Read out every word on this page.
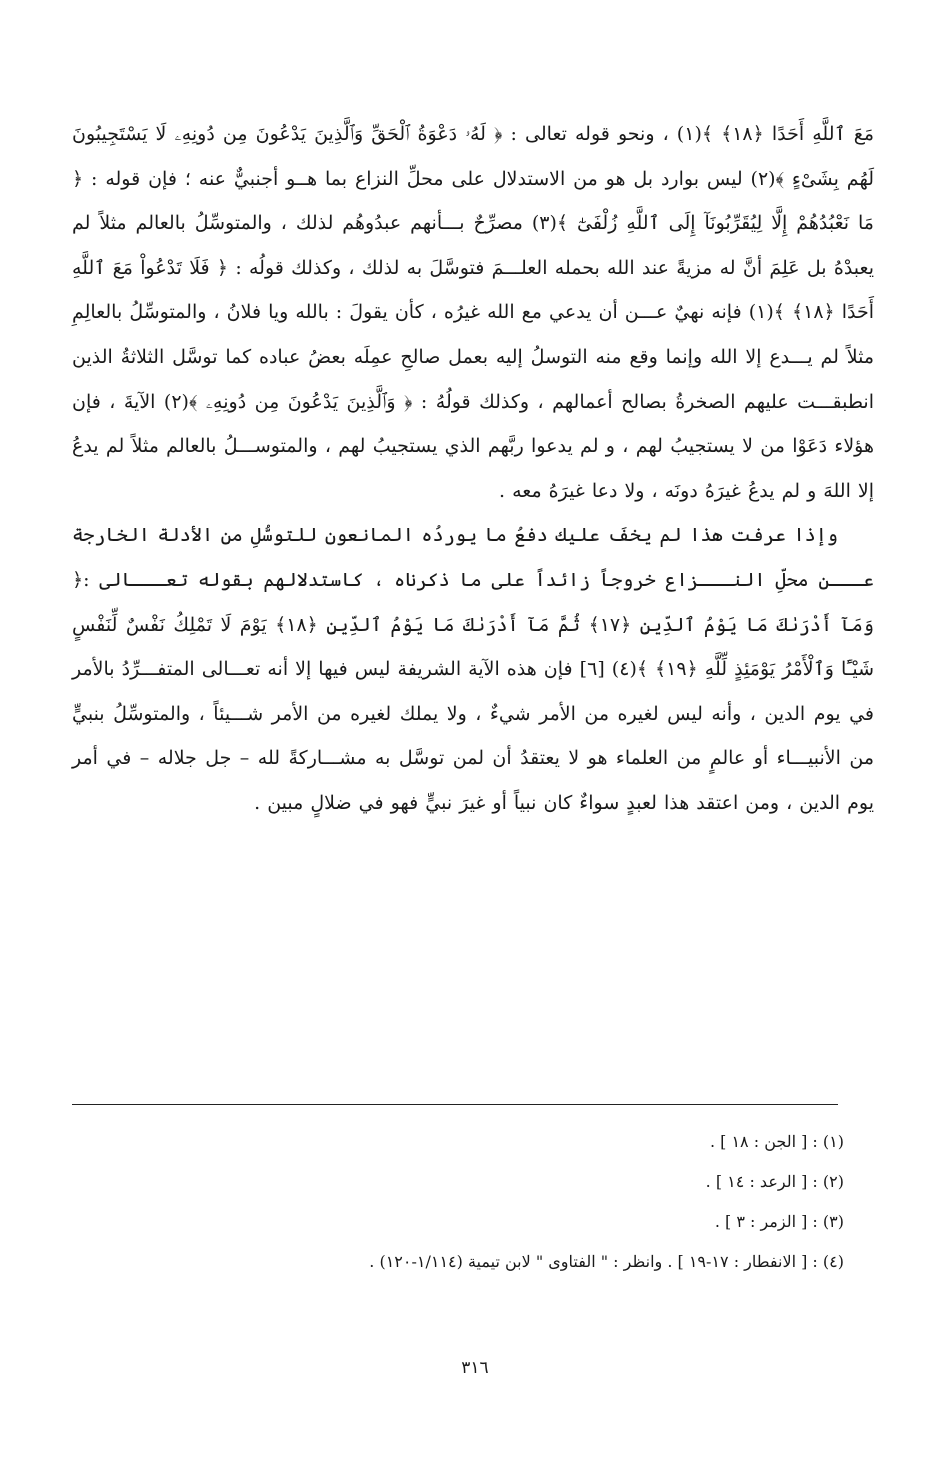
مَعَ ٱللَّهِ أَحَدًا ﴿١٨﴾ ﴾(١) ، ونحو قوله تعالى : ﴿ لَهُۥ دَعْوَةُ ٱلْحَقِّ وَٱلَّذِينَ يَدْعُونَ مِن دُونِهِۦ لَا يَسْتَجِيبُونَ لَهُم بِشَىْءٍ ﴾(٢) ليس بوارد بل هو من الاستدلال على محلِّ النزاع بما هــو أجنبيٌّ عنه ؛ فإن قوله : ﴿ مَا نَعْبُدُهُمْ إِلَّا لِيُقَرِّبُونَآ إِلَى ٱللَّهِ زُلْفَىٰٓ ﴾(٣) مصرِّحٌ بـــأنهم عبدُوهُم لذلك ، والمتوسِّلُ بالعالم مثلاً لم يعبدْهُ بل عَلِمَ أنَّ له مزيةً عند الله بحمله العلـــمَ فتوسَّلَ به لذلك ، وكذلك قولُه : ﴿ فَلَا تَدْعُواْ مَعَ ٱللَّهِ أَحَدًا ﴿١٨﴾ ﴾(١) فإنه نهيٌ عـــن أن يدعي مع الله غيرُه ، كأن يقولَ : بالله ويا فلانُ ، والمتوسِّلُ بالعالِمِ مثلاً لم يـــدع إلا الله وإنما وقع منه التوسلُ إليه بعمل صالحِ عمِلَه بعضُ عباده كما توسَّل الثلاثةُ الذين انطبقـــت عليهم الصخرةُ بصالح أعمالهم ، وكذلك قولُهُ : ﴿ وَٱلَّذِينَ يَدْعُونَ مِن دُونِهِۦ ﴾(٢) الآيةَ ، فإن هؤلاء دَعَوْا من لا يستجيبُ لهم ، و لم يدعوا ربَّهم الذي يستجيبُ لهم ، والمتوســـلُ بالعالم مثلاً لم يدعُ إلا اللهَ و لم يدعُ غيرَهُ دونَه ، ولا دعا غيرَهُ معه .

وإذا عرفت هذا لم يخفَ عليك دفعُ ما يوردُه المانعون للتوسُّلِ من الأدلة الخارجة عـــن محلِّ النـــزاع خروجاً زائداً على ما ذكرناه ، كاستدلالهم بقوله تعـــالى :﴿ وَمَآ أَدْرَىٰكَ مَا يَوْمُ ٱلدِّينِ ﴿١٧﴾ ثُمَّ مَآ أَدْرَىٰكَ مَا يَوْمُ ٱلدِّينِ ﴿١٨﴾ يَوْمَ لَا تَمْلِكُ نَفْسٌ لِّنَفْسٍ شَيْـًٔا وَٱلْأَمْرُ يَوْمَئِذٍ لِّلَّهِ ﴿١٩﴾ ﴾(٤) [٦] فإن هذه الآية الشريفة ليس فيها إلا أنه تعـــالى المتفـــرِّدُ بالأمر في يوم الدين ، وأنه ليس لغيره من الأمر شيءٌ ، ولا يملك لغيره من الأمر شـــيئاً ، والمتوسِّلُ بنبيٍّ من الأنبيـــاء أو عالمٍ من العلماء هو لا يعتقدُ أن لمن توسَّل به مشـــاركةً لله – جل جلاله – في أمر يوم الدين ، ومن اعتقد هذا لعبدٍ سواءٌ كان نبياً أو غيرَ نبيٍّ فهو في ضلالٍ مبين .

(١) : [ الجن : ١٨ ] .

(٢) : [ الرعد : ١٤ ] .

(٣) : [ الزمر : ٣ ] .

(٤) : [ الانفطار : ١٧-١٩ ] . وانظر : " الفتاوى " لابن تيمية (١/١١٤-١٢٠) .

٣١٦
